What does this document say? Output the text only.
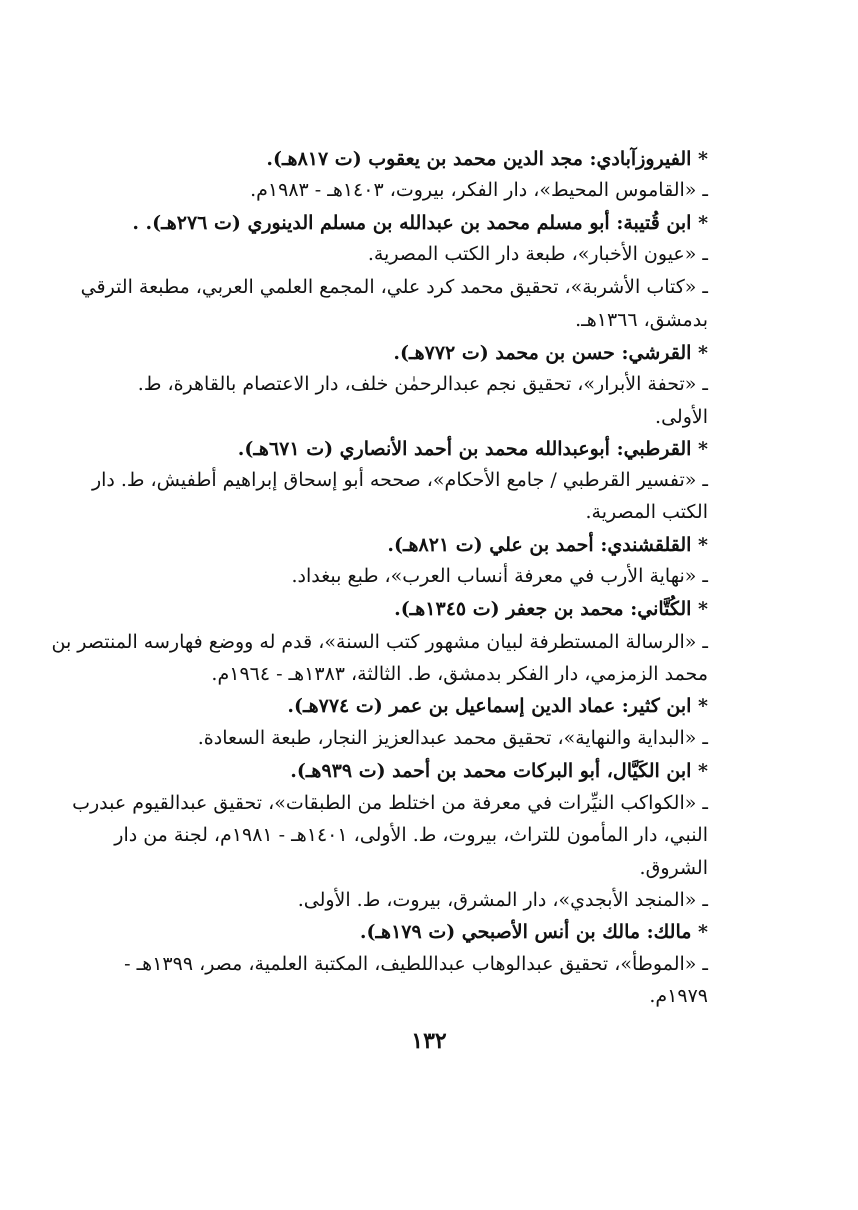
* الفيروزآبادي: مجد الدين محمد بن يعقوب (ت ٨١٧هـ).
ـ «القاموس المحيط»، دار الفكر، بيروت، ١٤٠٣هـ - ١٩٨٣م.
* ابن قُتيبة: أبو مسلم محمد بن عبدالله بن مسلم الدينوري (ت ٢٧٦هـ). .
ـ «عيون الأخبار»، طبعة دار الكتب المصرية.
ـ «كتاب الأشربة»، تحقيق محمد كرد علي، المجمع العلمي العربي، مطبعة الترقي
بدمشق، ١٣٦٦هـ.
* القرشي: حسن بن محمد (ت ٧٧٢هـ).
ـ «تحفة الأبرار»، تحقيق نجم عبدالرحمٰن خلف، دار الاعتصام بالقاهرة، ط.
الأولى.
* القرطبي: أبوعبدالله محمد بن أحمد الأنصاري (ت ٦٧١هـ).
ـ «تفسير القرطبي / جامع الأحكام»، صححه أبو إسحاق إبراهيم أطفيش، ط. دار
الكتب المصرية.
* القلقشندي: أحمد بن علي (ت ٨٢١هـ).
ـ «نهاية الأرب في معرفة أنساب العرب»، طبع ببغداد.
* الكُتَّاني: محمد بن جعفر (ت ١٣٤٥هـ).
ـ «الرسالة المستطرفة لبيان مشهور كتب السنة»، قدم له ووضع فهارسه المنتصر بن
محمد الزمزمي، دار الفكر بدمشق، ط. الثالثة، ١٣٨٣هـ - ١٩٦٤م.
* ابن كثير: عماد الدين إسماعيل بن عمر (ت ٧٧٤هـ).
ـ «البداية والنهاية»، تحقيق محمد عبدالعزيز النجار، طبعة السعادة.
* ابن الكَيَّال، أبو البركات محمد بن أحمد (ت ٩٣٩هـ).
ـ «الكواكب النيِّرات في معرفة من اختلط من الطبقات»، تحقيق عبدالقيوم عبدرب
النبي، دار المأمون للتراث، بيروت، ط. الأولى، ١٤٠١هـ - ١٩٨١م، لجنة من دار
الشروق.
ـ «المنجد الأبجدي»، دار المشرق، بيروت، ط. الأولى.
* مالك: مالك بن أنس الأصبحي (ت ١٧٩هـ).
ـ «الموطأ»، تحقيق عبدالوهاب عبداللطيف، المكتبة العلمية، مصر، ١٣٩٩هـ -
١٩٧٩م.
١٣٢
